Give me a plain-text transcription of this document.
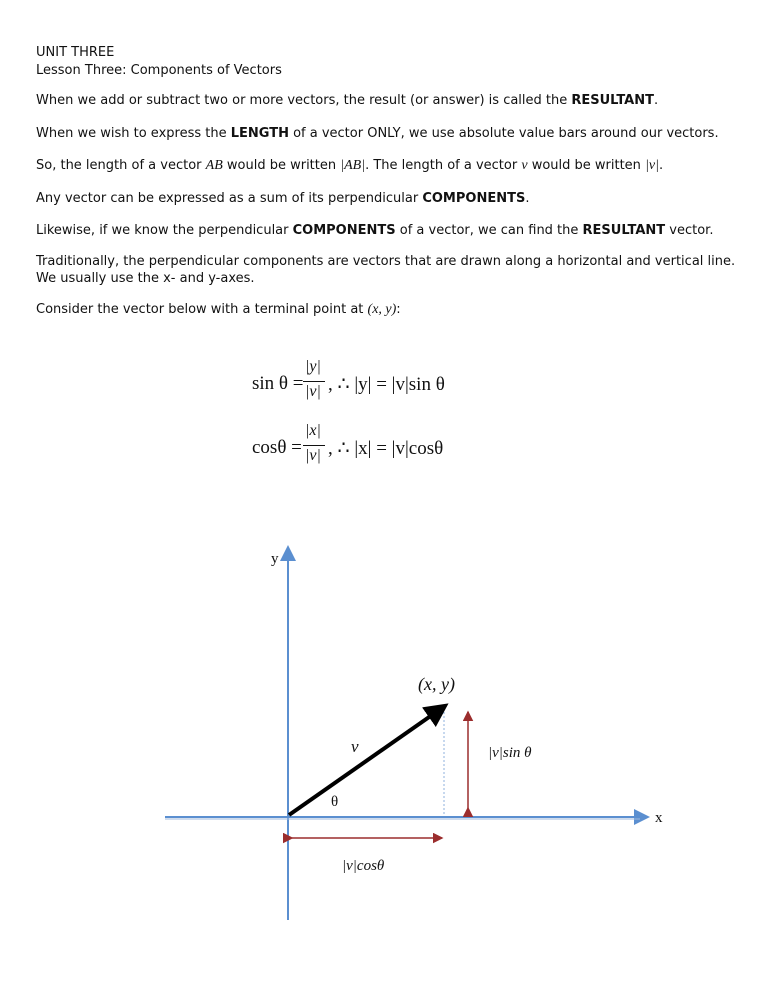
UNIT THREE
Lesson Three: Components of Vectors
When we add or subtract two or more vectors, the result (or answer) is called the RESULTANT.
When we wish to express the LENGTH of a vector ONLY, we use absolute value bars around our vectors.
So, the length of a vector AB would be written |AB|. The length of a vector v would be written |v|.
Any vector can be expressed as a sum of its perpendicular COMPONENTS.
Likewise, if we know the perpendicular COMPONENTS of a vector, we can find the RESULTANT vector.
Traditionally, the perpendicular components are vectors that are drawn along a horizontal and vertical line.
We usually use the x- and y-axes.
Consider the vector below with a terminal point at (x, y):
sin θ =
|y|
|v| , ∴ |y| = |v|sin θ
cosθ =
|x|
|v| , ∴ |x| = |v|cosθ
y
x
(x, y)
v
θ
|v|sin θ
|v|cosθ
